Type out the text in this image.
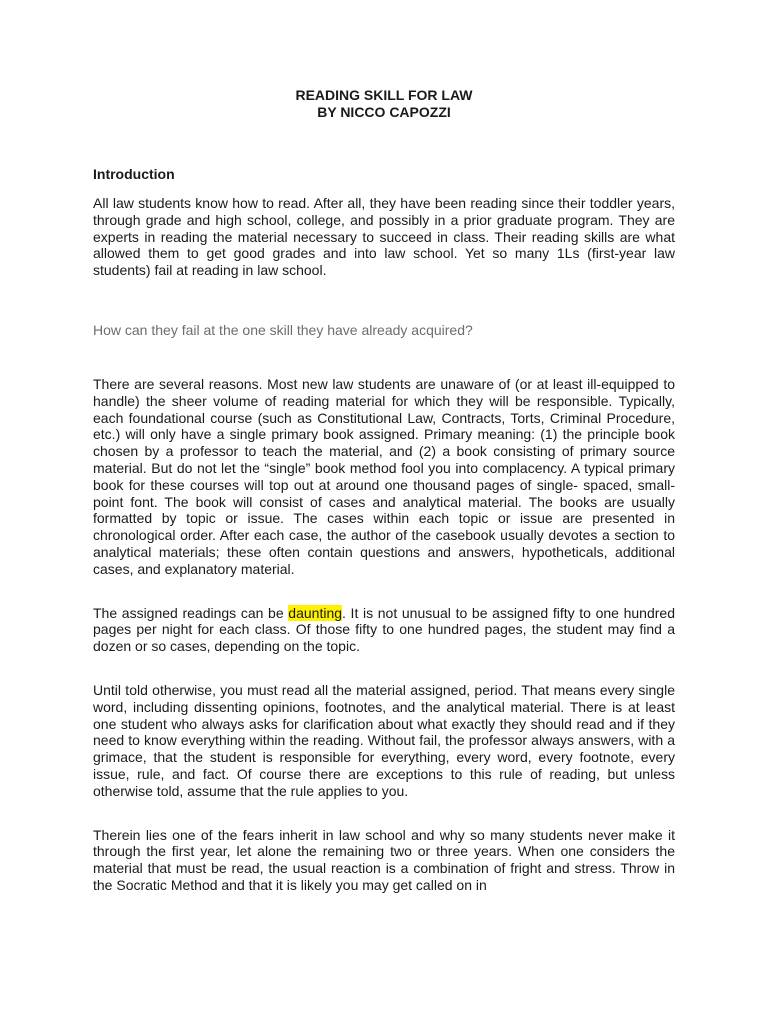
READING SKILL FOR LAW

BY NICCO CAPOZZI

Introduction

All law students know how to read. After all, they have been reading since their toddler years, through grade and high school, college, and possibly in a prior graduate program. They are experts in reading the material necessary to succeed in class. Their reading skills are what allowed them to get good grades and into law school. Yet so many 1Ls (first-year law students) fail at reading in law school.

How can they fail at the one skill they have already acquired?

There are several reasons. Most new law students are unaware of (or at least ill-equipped to handle) the sheer volume of reading material for which they will be responsible. Typically, each foundational course (such as Constitutional Law, Contracts, Torts, Criminal Procedure, etc.) will only have a single primary book assigned. Primary meaning: (1) the principle book chosen by a professor to teach the material, and (2) a book consisting of primary source material. But do not let the “single” book method fool you into complacency. A typical primary book for these courses will top out at around one thousand pages of single- spaced, small-point font. The book will consist of cases and analytical material. The books are usually formatted by topic or issue. The cases within each topic or issue are presented in chronological order. After each case, the author of the casebook usually devotes a section to analytical materials; these often contain questions and answers, hypotheticals, additional cases, and explanatory material.

The assigned readings can be daunting. It is not unusual to be assigned fifty to one hundred pages per night for each class. Of those fifty to one hundred pages, the student may find a dozen or so cases, depending on the topic.

Until told otherwise, you must read all the material assigned, period. That means every single word, including dissenting opinions, footnotes, and the analytical material. There is at least one student who always asks for clarification about what exactly they should read and if they need to know everything within the reading. Without fail, the professor always answers, with a grimace, that the student is responsible for everything, every word, every footnote, every issue, rule, and fact. Of course there are exceptions to this rule of reading, but unless otherwise told, assume that the rule applies to you.

Therein lies one of the fears inherit in law school and why so many students never make it through the first year, let alone the remaining two or three years. When one considers the material that must be read, the usual reaction is a combination of fright and stress. Throw in the Socratic Method and that it is likely you may get called on in
